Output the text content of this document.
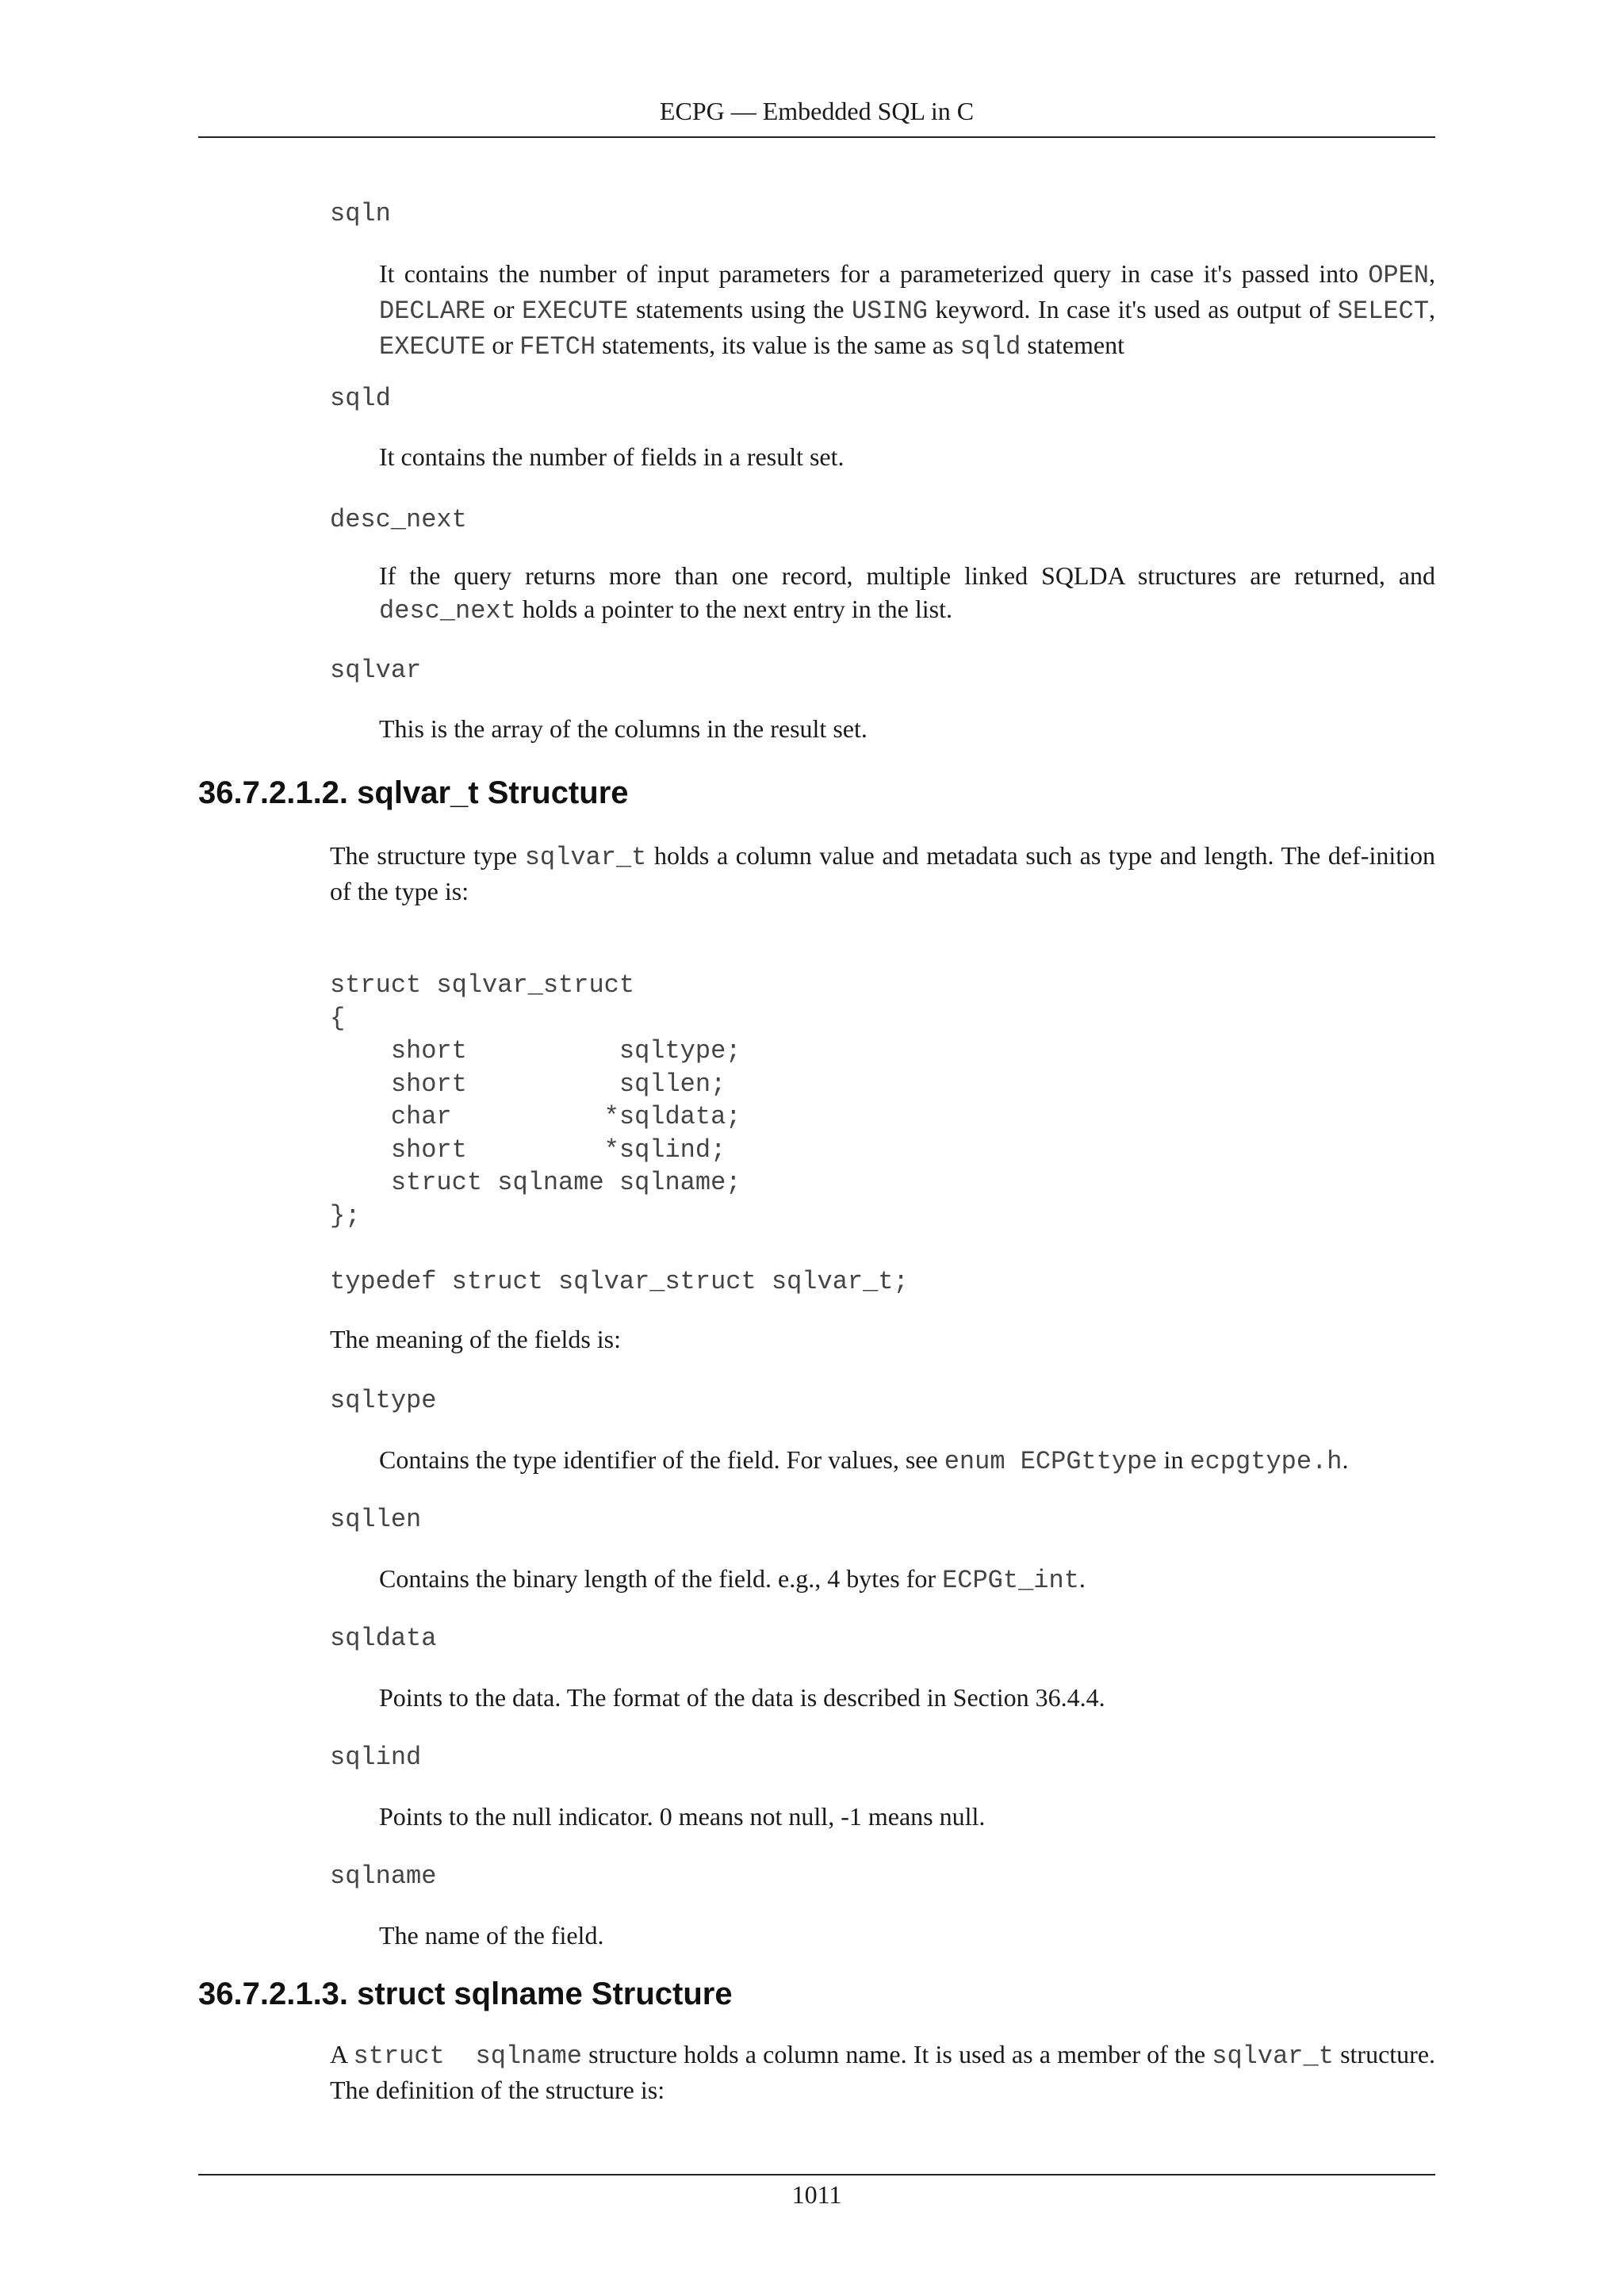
ECPG — Embedded SQL in C

sqln

It contains the number of input parameters for a parameterized query in case it's passed into OPEN, DECLARE or EXECUTE statements using the USING keyword. In case it's used as output of SELECT, EXECUTE or FETCH statements, its value is the same as sqld statement

sqld

It contains the number of fields in a result set.

desc_next

If the query returns more than one record, multiple linked SQLDA structures are returned, and desc_next holds a pointer to the next entry in the list.

sqlvar

This is the array of the columns in the result set.

36.7.2.1.2. sqlvar_t Structure

The structure type sqlvar_t holds a column value and metadata such as type and length. The def-inition of the type is:

struct sqlvar_struct
{
short          sqltype;
short          sqllen;
char          *sqldata;
short         *sqlind;
struct sqlname sqlname;
};

typedef struct sqlvar_struct sqlvar_t;

The meaning of the fields is:

sqltype

Contains the type identifier of the field. For values, see enum ECPGttype in ecpgtype.h.

sqllen

Contains the binary length of the field. e.g., 4 bytes for ECPGt_int.

sqldata

Points to the data. The format of the data is described in Section 36.4.4.

sqlind

Points to the null indicator. 0 means not null, -1 means null.

sqlname

The name of the field.

36.7.2.1.3. struct sqlname Structure

A struct  sqlname structure holds a column name. It is used as a member of the sqlvar_t structure. The definition of the structure is:

1011
